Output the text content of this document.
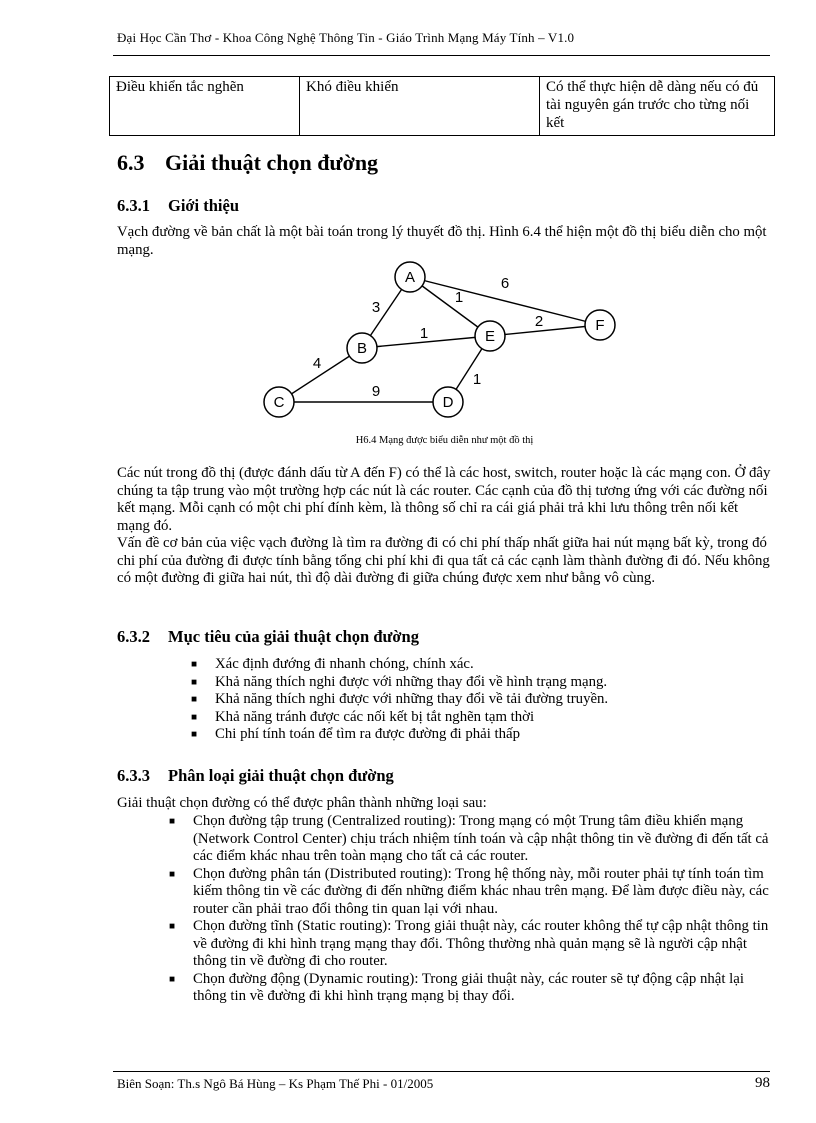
Đại Học Cần Thơ - Khoa Công Nghệ Thông Tin - Giáo Trình Mạng Máy Tính – V1.0
Điều khiển tắc nghẽn	Khó điều khiển	Có thể thực hiện dễ dàng nếu có đủ tài nguyên gán trước cho từng nối kết
6.3 Giải thuật chọn đường
6.3.1 Giới thiệu

Vạch đường về bản chất là một bài toán trong lý thuyết đồ thị. Hình 6.4 thể hiện một đồ thị biểu diễn cho một mạng.

3
1
6
1
2
4
9
1
A
B
C	D
E
F
H6.4 Mạng được biểu diễn như một đồ thị

Các nút trong đồ thị (được đánh dấu từ A đến F) có thể là các host, switch, router hoặc là các mạng con. Ở đây chúng ta tập trung vào một trường hợp các nút là các router. Các cạnh của đồ thị tương ứng với các đường nối kết mạng. Mỗi cạnh có một chi phí đính kèm, là thông số chỉ ra cái giá phải trả khi lưu thông trên nối kết mạng đó.

Vấn đề cơ bản của việc vạch đường là tìm ra đường đi có chi phí thấp nhất giữa hai nút mạng bất kỳ, trong đó chi phí của đường đi được tính bằng tổng chi phí khi đi qua tất cả các cạnh làm thành đường đi đó. Nếu không có một đường đi giữa hai nút, thì độ dài đường đi giữa chúng được xem như bằng vô cùng.

6.3.2 Mục tiêu của giải thuật chọn đường
■ Xác định đướng đi nhanh chóng, chính xác.
■ Khả năng thích nghi được với những thay đổi về hình trạng mạng.
■ Khả năng thích nghi được với những thay đổi về tải đường truyền.
■ Khả năng tránh được các nối kết bị tắt nghẽn tạm thời
■ Chi phí tính toán để tìm ra được đường đi phải thấp
6.3.3 Phân loại giải thuật chọn đường

Giải thuật chọn đường có thể được phân thành những loại sau:

■ Chọn đường tập trung (Centralized routing): Trong mạng có một Trung tâm điều khiển mạng (Network Control Center) chịu trách nhiệm tính toán và cập nhật thông tin về đường đi đến tất cả các điểm khác nhau trên toàn mạng cho tất cả các router.
■ Chọn đường phân tán (Distributed routing): Trong hệ thống này, mỗi router phải tự tính toán tìm kiếm thông tin về các đường đi đến những điểm khác nhau trên mạng. Để làm được điều này, các router cần phải trao đổi thông tin quan lại với nhau.
■ Chọn đường tĩnh (Static routing): Trong giải thuật này, các router không thể tự cập nhật thông tin về đường đi khi hình trạng mạng thay đổi. Thông thường nhà quản mạng sẽ là người cập nhật thông tin về đường đi cho router.
■ Chọn đường động (Dynamic routing): Trong giải thuật này, các router sẽ tự động cập nhật lại thông tin về đường đi khi hình trạng mạng bị thay đổi.
Biên Soạn: Th.s Ngô Bá Hùng – Ks Phạm Thế Phi - 01/2005	98
